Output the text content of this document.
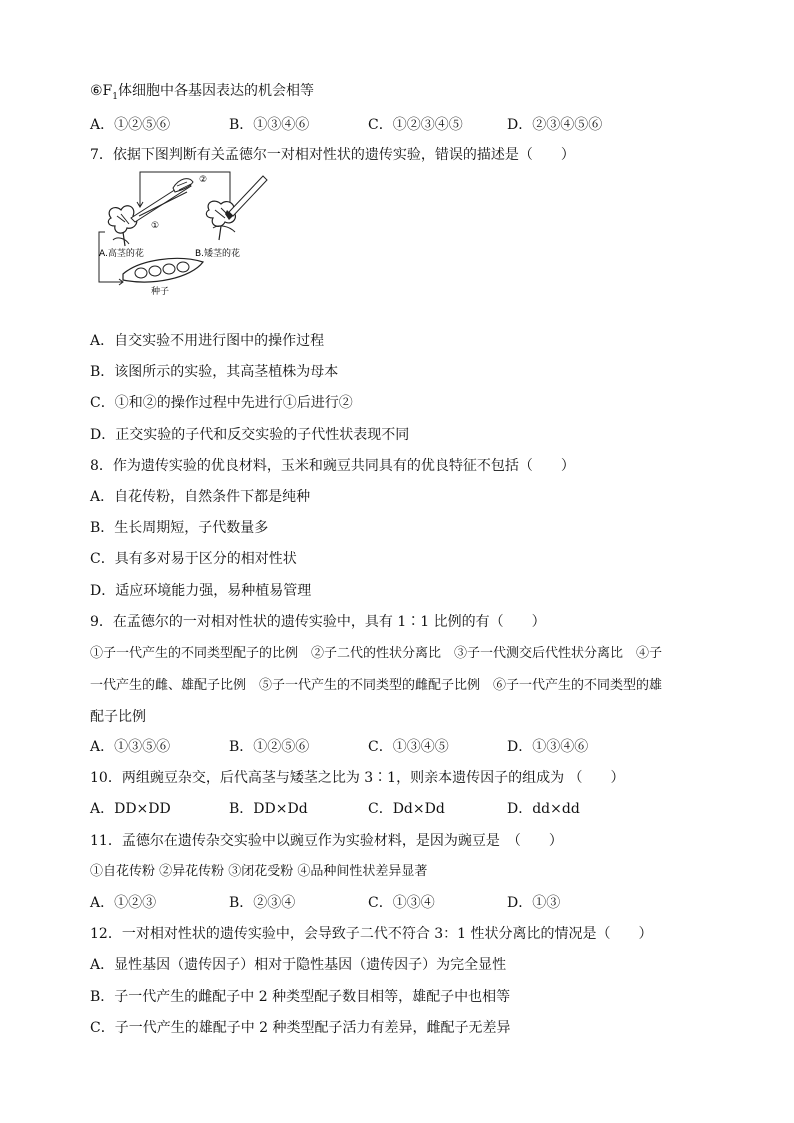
$⑥F_1$体细胞中各基因表达的机会相等
A．①②⑤⑥	B．①③④⑥	C．①②③④⑤	D．②③④⑤⑥
7．依据下图判断有关孟德尔一对相对性状的遗传实验，错误的描述是（　　）
①
②
A.高茎的花	B.矮茎的花
种子
A．自交实验不用进行图中的操作过程
B．该图所示的实验，其高茎植株为母本
C．①和②的操作过程中先进行①后进行②
D．正交实验的子代和反交实验的子代性状表现不同
8．作为遗传实验的优良材料，玉米和豌豆共同具有的优良特征不包括（　　）
A．自花传粉，自然条件下都是纯种
B．生长周期短，子代数量多
C．具有多对易于区分的相对性状
D．适应环境能力强，易种植易管理
9．在孟德尔的一对相对性状的遗传实验中，具有 1∶1 比例的有（　　）
①子一代产生的不同类型配子的比例　②子二代的性状分离比　③子一代测交后代性状分离比　④子
一代产生的雌、雄配子比例　⑤子一代产生的不同类型的雌配子比例　⑥子一代产生的不同类型的雄
配子比例
A．①③⑤⑥	B．①②⑤⑥	C．①③④⑤	D．①③④⑥
10．两组豌豆杂交，后代高茎与矮茎之比为 3∶1，则亲本遗传因子的组成为 （　　）
A．DD×DD	B．DD×Dd	C．Dd×Dd	D．dd×dd
11．孟德尔在遗传杂交实验中以豌豆作为实验材料，是因为豌豆是　（　　）
①自花传粉 ②异花传粉 ③闭花受粉 ④品种间性状差异显著
A．①②③	B．②③④	C．①③④	D．①③
12．一对相对性状的遗传实验中，会导致子二代不符合 3：1 性状分离比的情况是（　　）
A．显性基因（遗传因子）相对于隐性基因（遗传因子）为完全显性
B．子一代产生的雌配子中 2 种类型配子数目相等，雄配子中也相等
C．子一代产生的雄配子中 2 种类型配子活力有差异，雌配子无差异
